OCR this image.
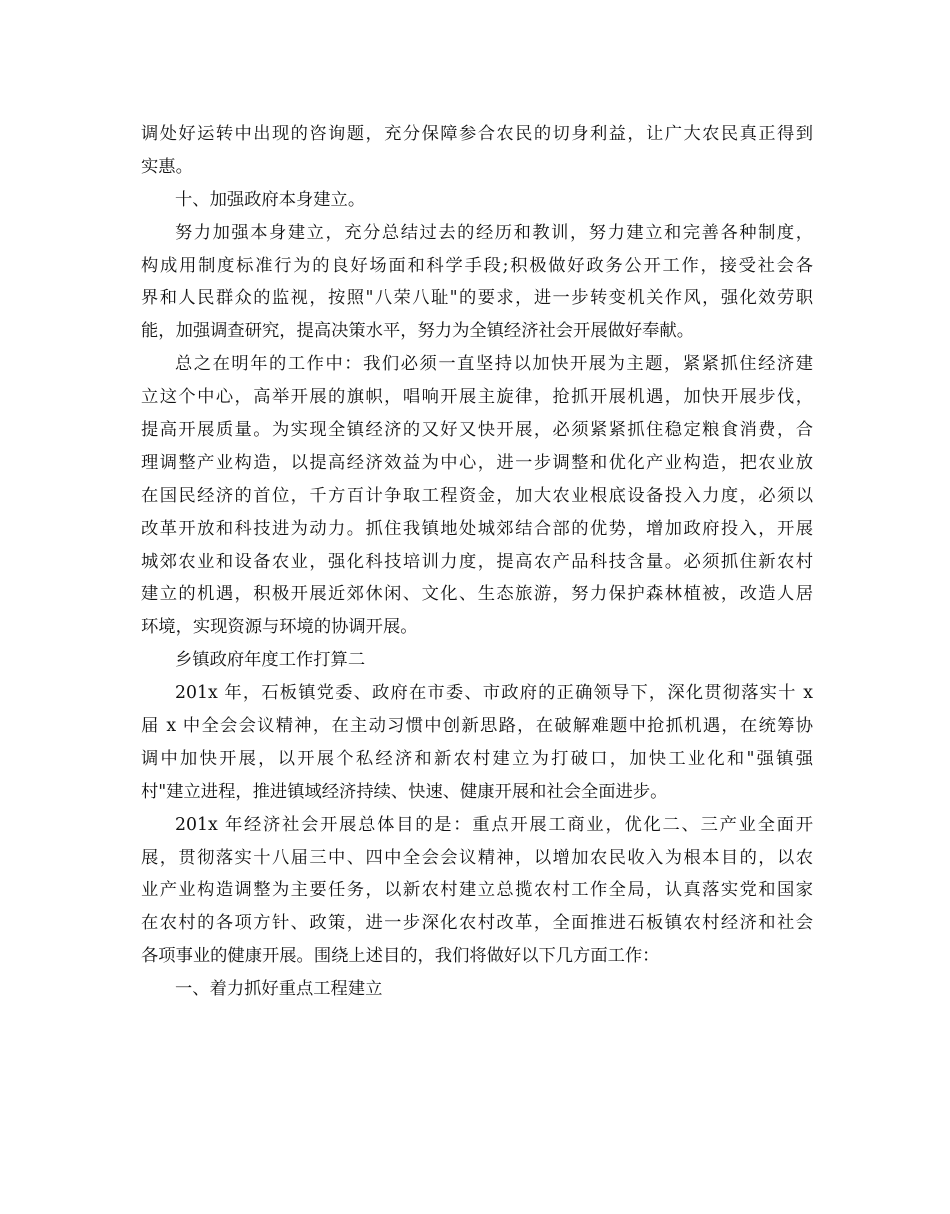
调处好运转中出现的咨询题，充分保障参合农民的切身利益，让广大农民真正得到
实惠。
十、加强政府本身建立。
努力加强本身建立，充分总结过去的经历和教训，努力建立和完善各种制度，
构成用制度标准行为的良好场面和科学手段;积极做好政务公开工作，接受社会各
界和人民群众的监视，按照"八荣八耻"的要求，进一步转变机关作风，强化效劳职
能，加强调查研究，提高决策水平，努力为全镇经济社会开展做好奉献。
总之在明年的工作中：我们必须一直坚持以加快开展为主题，紧紧抓住经济建
立这个中心，高举开展的旗帜，唱响开展主旋律，抢抓开展机遇，加快开展步伐，
提高开展质量。为实现全镇经济的又好又快开展，必须紧紧抓住稳定粮食消费，合
理调整产业构造，以提高经济效益为中心，进一步调整和优化产业构造，把农业放
在国民经济的首位，千方百计争取工程资金，加大农业根底设备投入力度，必须以
改革开放和科技进为动力。抓住我镇地处城郊结合部的优势，增加政府投入，开展
城郊农业和设备农业，强化科技培训力度，提高农产品科技含量。必须抓住新农村
建立的机遇，积极开展近郊休闲、文化、生态旅游，努力保护森林植被，改造人居
环境，实现资源与环境的协调开展。
乡镇政府年度工作打算二
201x 年，石板镇党委、政府在市委、市政府的正确领导下，深化贯彻落实十 x
届 x 中全会会议精神，在主动习惯中创新思路，在破解难题中抢抓机遇，在统筹协
调中加快开展，以开展个私经济和新农村建立为打破口，加快工业化和"强镇强
村"建立进程，推进镇域经济持续、快速、健康开展和社会全面进步。
201x 年经济社会开展总体目的是：重点开展工商业，优化二、三产业全面开
展，贯彻落实十八届三中、四中全会会议精神，以增加农民收入为根本目的，以农
业产业构造调整为主要任务，以新农村建立总揽农村工作全局，认真落实党和国家
在农村的各项方针、政策，进一步深化农村改革，全面推进石板镇农村经济和社会
各项事业的健康开展。围绕上述目的，我们将做好以下几方面工作：
一、着力抓好重点工程建立
